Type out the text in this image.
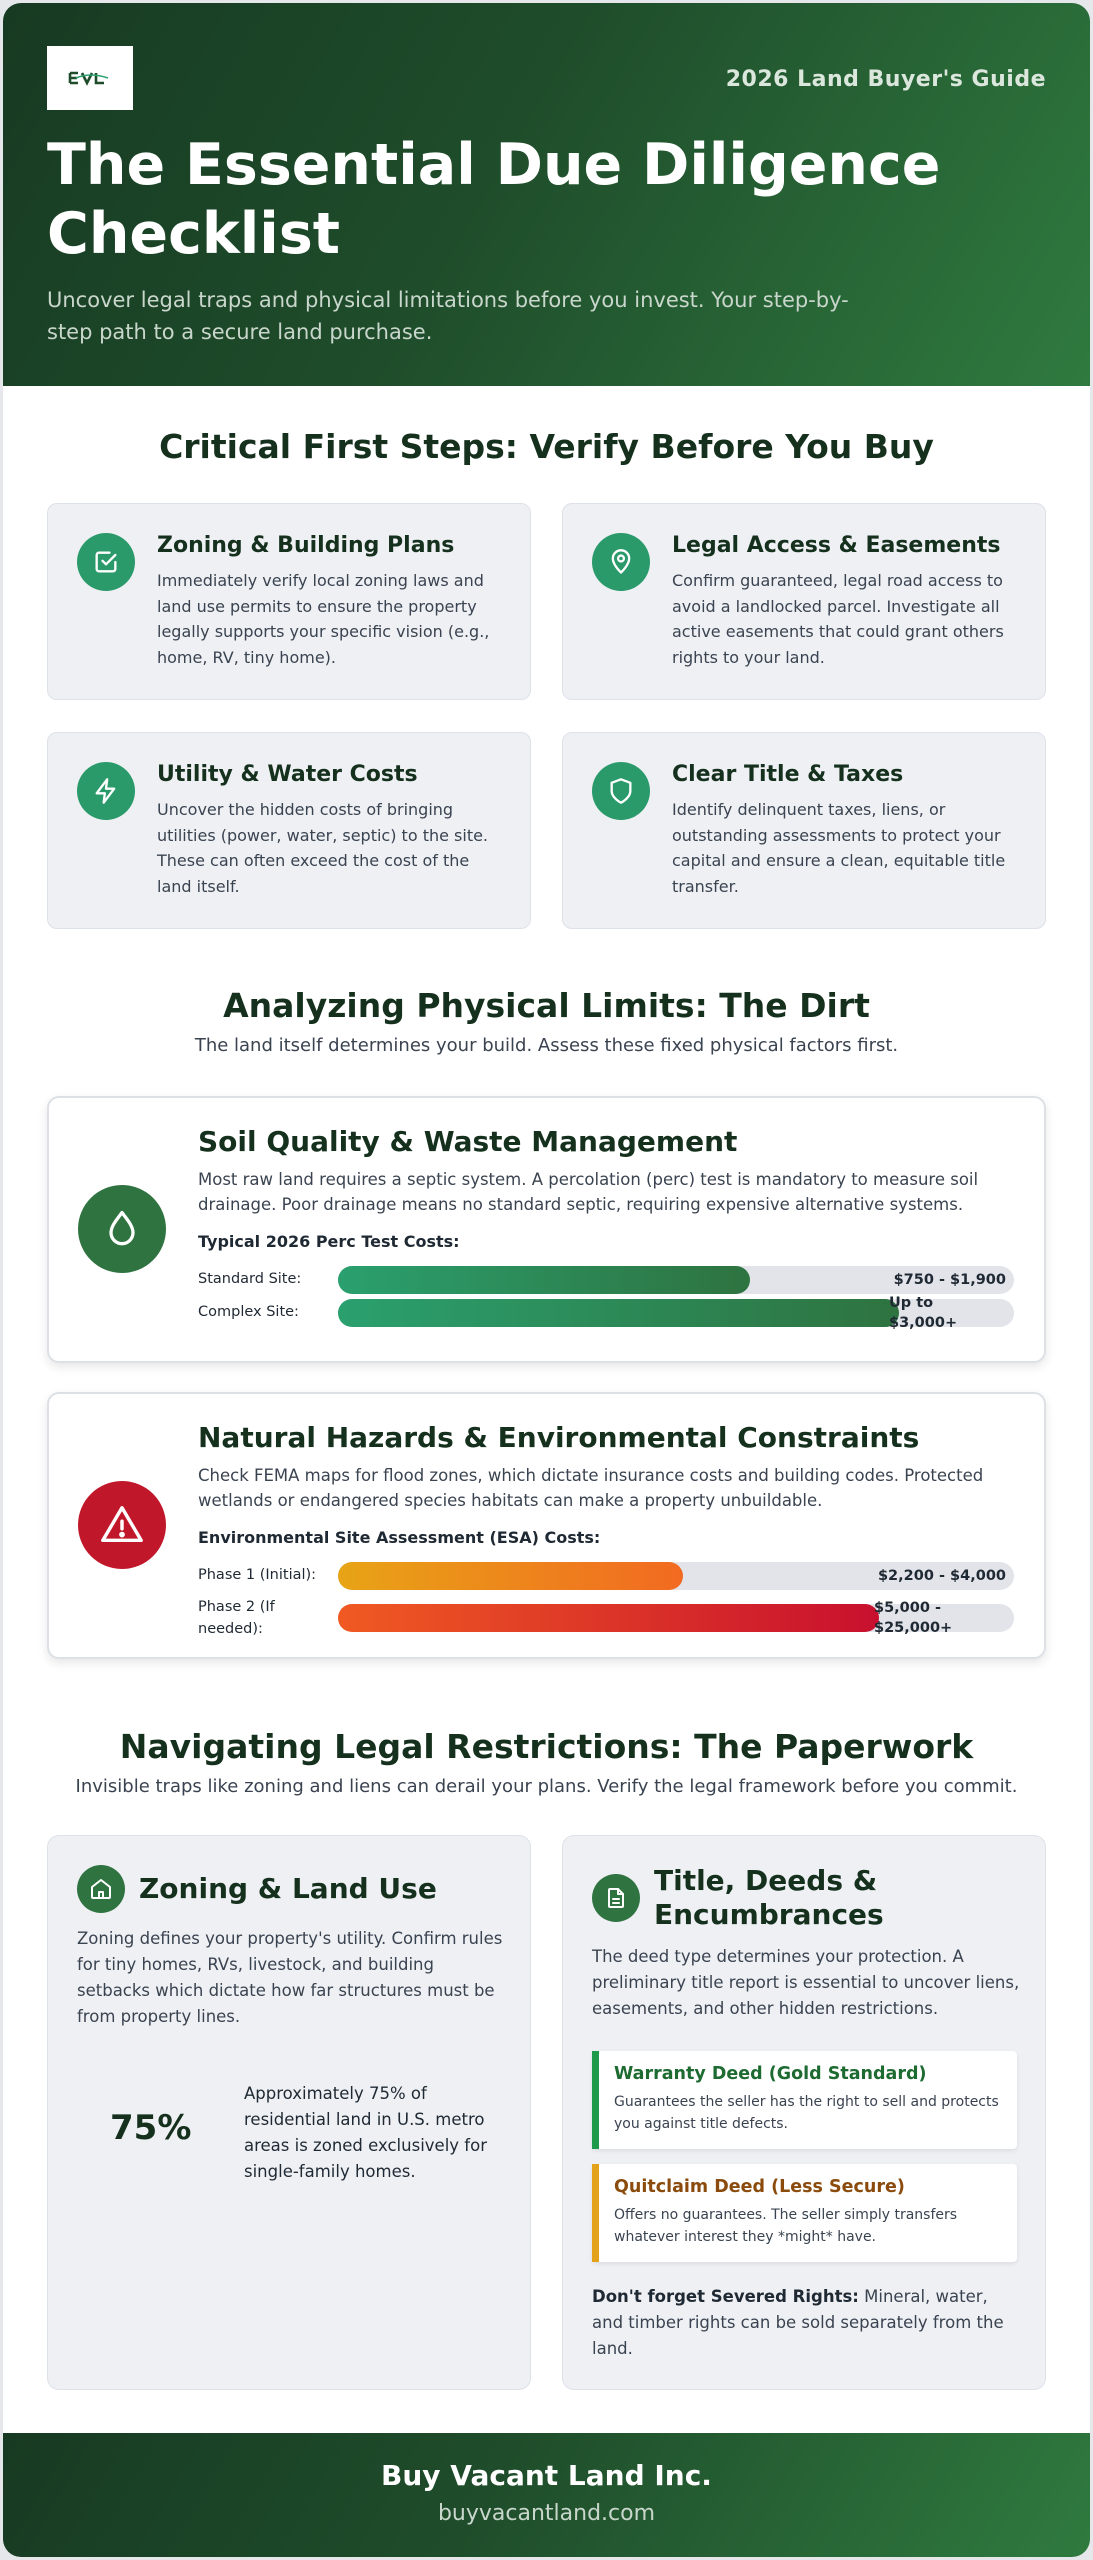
2026 Land Buyer's Guide
The Essential Due Diligence Checklist
Uncover legal traps and physical limitations before you invest. Your step-by-step path to a secure land purchase.
Critical First Steps: Verify Before You Buy
Zoning & Building Plans
Immediately verify local zoning laws and land use permits to ensure the property legally supports your specific vision (e.g., home, RV, tiny home).
Legal Access & Easements
Confirm guaranteed, legal road access to avoid a landlocked parcel. Investigate all active easements that could grant others rights to your land.
Utility & Water Costs
Uncover the hidden costs of bringing utilities (power, water, septic) to the site. These can often exceed the cost of the land itself.
Clear Title & Taxes
Identify delinquent taxes, liens, or outstanding assessments to protect your capital and ensure a clean, equitable title transfer.
Analyzing Physical Limits: The Dirt
The land itself determines your build. Assess these fixed physical factors first.
Soil Quality & Waste Management
Most raw land requires a septic system. A percolation (perc) test is mandatory to measure soil drainage. Poor drainage means no standard septic, requiring expensive alternative systems.
Typical 2026 Perc Test Costs:
Standard Site:	$750 - $1,900
Complex Site:
Up to $3,000+
Natural Hazards & Environmental Constraints
Check FEMA maps for flood zones, which dictate insurance costs and building codes. Protected wetlands or endangered species habitats can make a property unbuildable.
Environmental Site Assessment (ESA) Costs:
Phase 1 (Initial):	$2,200 - $4,000
Phase 2 (If needed):
$5,000 - $25,000+
Navigating Legal Restrictions: The Paperwork
Invisible traps like zoning and liens can derail your plans. Verify the legal framework before you commit.
Zoning & Land Use
Zoning defines your property's utility. Confirm rules for tiny homes, RVs, livestock, and building setbacks which dictate how far structures must be from property lines.
75%
Approximately 75% of residential land in U.S. metro areas is zoned exclusively for single-family homes.
Title, Deeds & Encumbrances
The deed type determines your protection. A preliminary title report is essential to uncover liens, easements, and other hidden restrictions.
Warranty Deed (Gold Standard)
Guarantees the seller has the right to sell and protects you against title defects.
Quitclaim Deed (Less Secure)
Offers no guarantees. The seller simply transfers whatever interest they *might* have.
Don't forget Severed Rights: Mineral, water, and timber rights can be sold separately from the land.
Buy Vacant Land Inc.
buyvacantland.com
